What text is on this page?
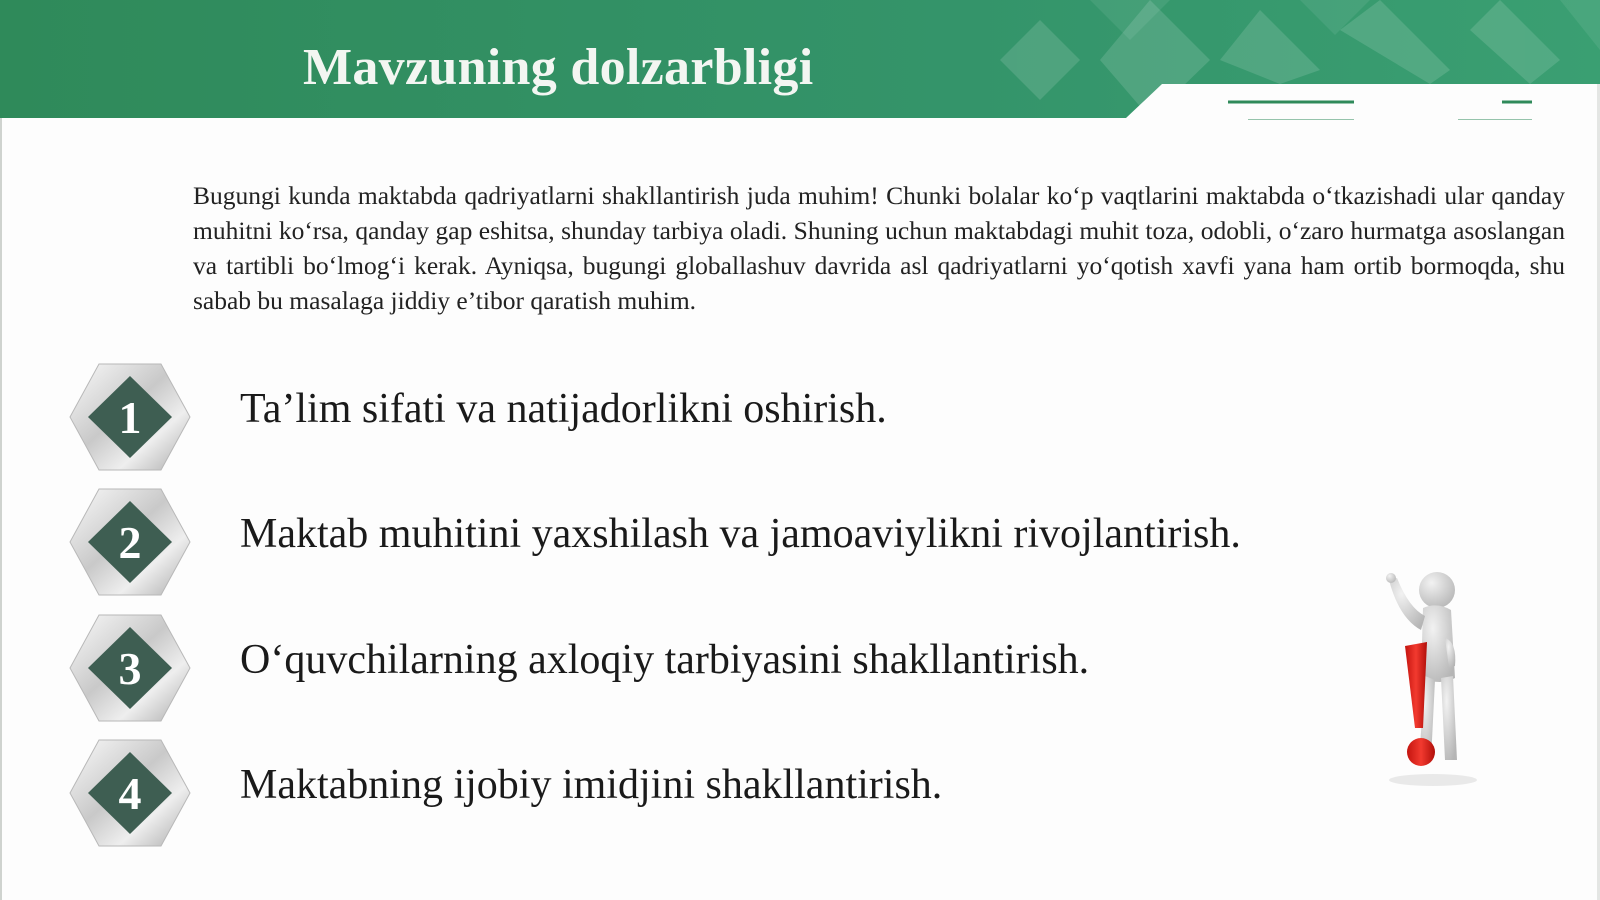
Mavzuning dolzarbligi

Bugungi kunda maktabda qadriyatlarni shakllantirish juda muhim! Chunki bolalar koʻp vaqtlarini maktabda oʻtkazishadi ular qanday muhitni koʻrsa, qanday gap eshitsa, shunday tarbiya oladi. Shuning uchun maktabdagi muhit toza, odobli, oʻzaro hurmatga asoslangan va tartibli boʻlmogʻi kerak. Ayniqsa, bugungi globallashuv davrida asl qadriyatlarni yoʻqotish xavfi yana ham ortib bormoqda, shu sabab bu masalaga jiddiy e’tibor qaratish muhim.

1	Ta’lim sifati va natijadorlikni oshirish.

2	Maktab muhitini yaxshilash va jamoaviylikni rivojlantirish.

3	Oʻquvchilarning axloqiy tarbiyasini shakllantirish.

4	Maktabning ijobiy imidjini shakllantirish.
